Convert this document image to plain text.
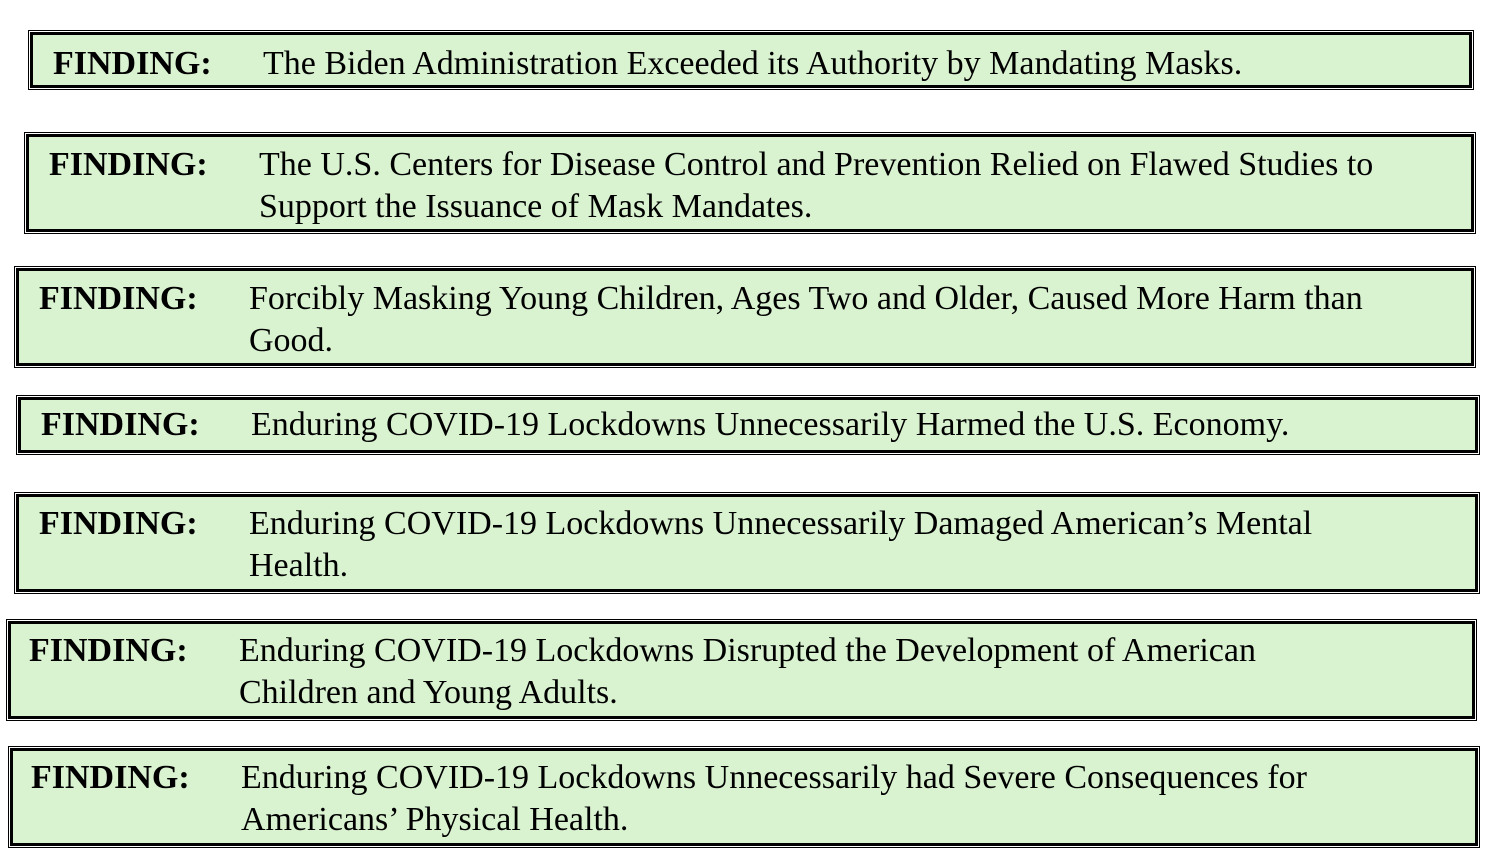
FINDING:	The Biden Administration Exceeded its Authority by Mandating Masks.
FINDING:	The U.S. Centers for Disease Control and Prevention Relied on Flawed Studies to Support the Issuance of Mask Mandates.
FINDING:	Forcibly Masking Young Children, Ages Two and Older, Caused More Harm than Good.
FINDING:	Enduring COVID-19 Lockdowns Unnecessarily Harmed the U.S. Economy.
FINDING:	Enduring COVID-19 Lockdowns Unnecessarily Damaged American’s Mental Health.
FINDING:	Enduring COVID-19 Lockdowns Disrupted the Development of American Children and Young Adults.
FINDING:	Enduring COVID-19 Lockdowns Unnecessarily had Severe Consequences for Americans’ Physical Health.
